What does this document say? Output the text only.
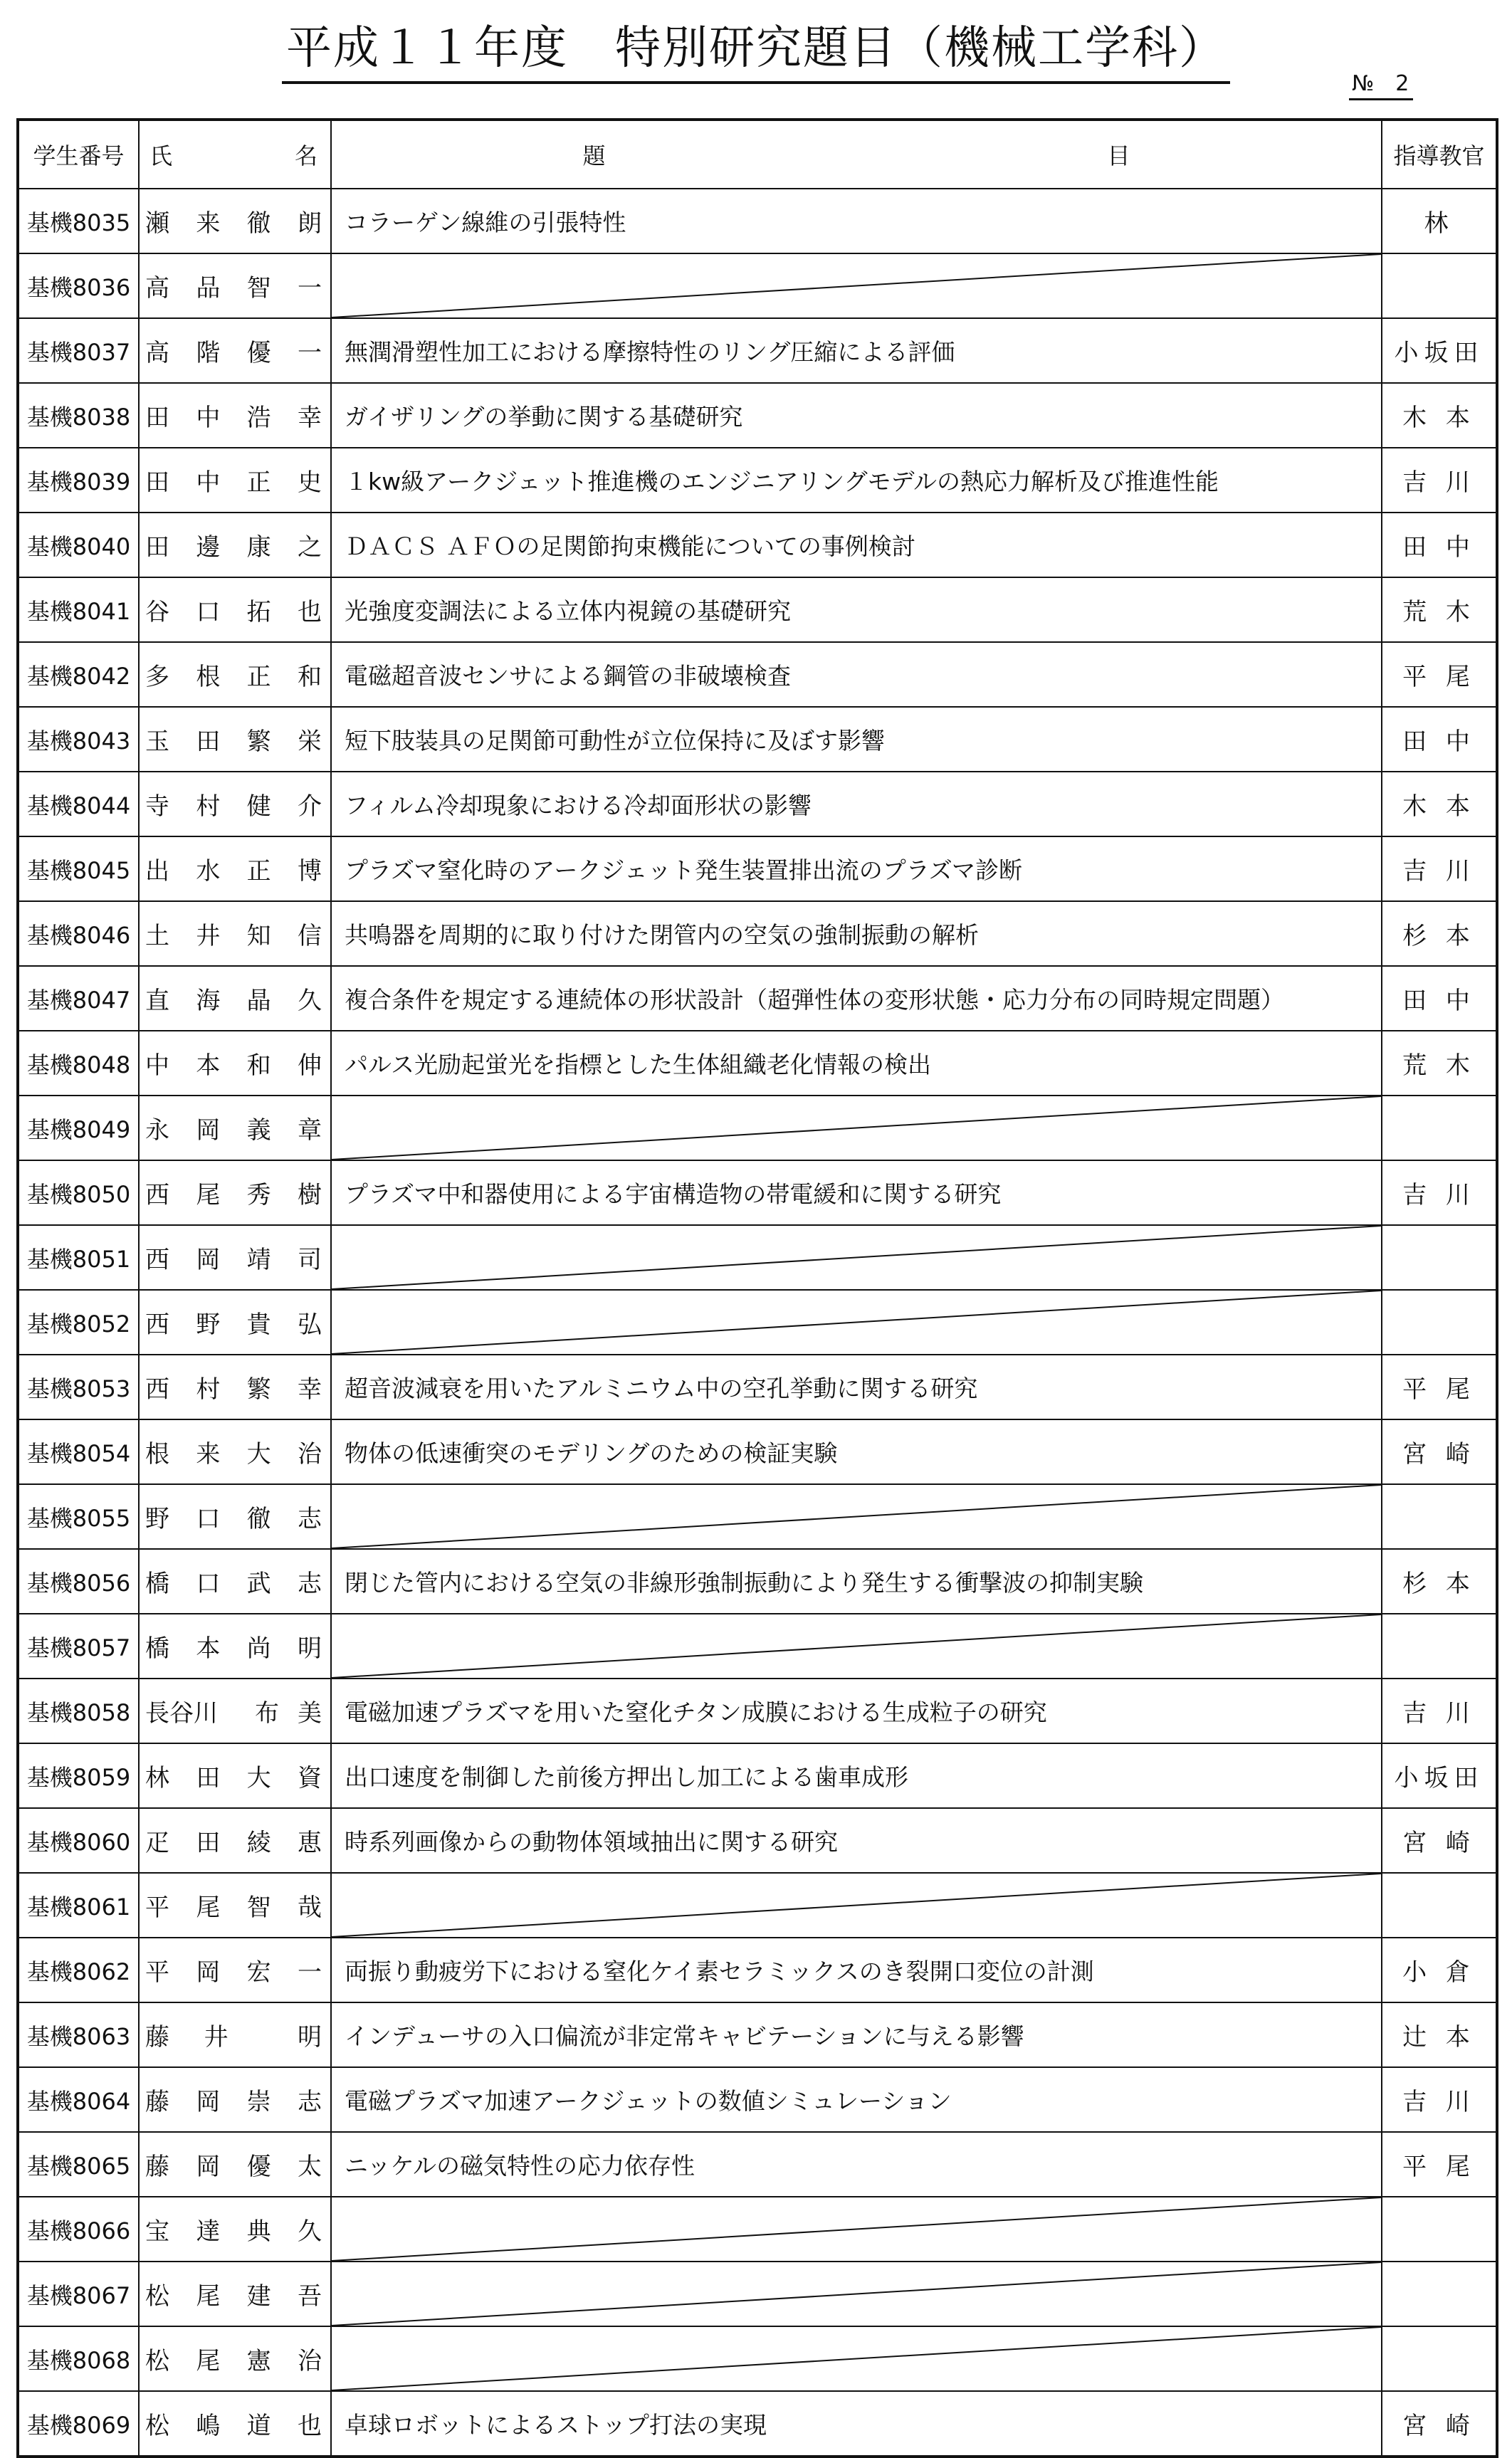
平成１１年度　特別研究題目（機械工学科）
№　2
学生番号	氏 名	題 目	指導教官
基機8035	瀬 来 徹 朗	コラーゲン線維の引張特性	林
基機8036	高 品 智 一

基機8037	高 階 優 一	無潤滑塑性加工における摩擦特性のリング圧縮による評価	小坂田
基機8038	田 中 浩 幸	ガイザリングの挙動に関する基礎研究	木 本
基機8039	田 中 正 史	１kw級アークジェット推進機のエンジニアリングモデルの熱応力解析及び推進性能	吉 川
基機8040	田 邊 康 之	ＤＡＣＳ ＡＦＯの足関節拘束機能についての事例検討	田 中
基機8041	谷 口 拓 也	光強度変調法による立体内視鏡の基礎研究	荒 木
基機8042	多 根 正 和	電磁超音波センサによる鋼管の非破壊検査	平 尾
基機8043	玉 田 繁 栄	短下肢装具の足関節可動性が立位保持に及ぼす影響	田 中
基機8044	寺 村 健 介	フィルム冷却現象における冷却面形状の影響	木 本
基機8045	出 水 正 博	プラズマ窒化時のアークジェット発生装置排出流のプラズマ診断	吉 川
基機8046	土 井 知 信	共鳴器を周期的に取り付けた閉管内の空気の強制振動の解析	杉 本
基機8047	直 海 晶 久	複合条件を規定する連続体の形状設計（超弾性体の変形状態・応力分布の同時規定問題）	田 中
基機8048	中 本 和 伸	パルス光励起蛍光を指標とした生体組織老化情報の検出	荒 木
基機8049	永 岡 義 章

基機8050	西 尾 秀 樹	プラズマ中和器使用による宇宙構造物の帯電緩和に関する研究	吉 川
基機8051	西 岡 靖 司

基機8052	西 野 貴 弘

基機8053	西 村 繁 幸	超音波減衰を用いたアルミニウム中の空孔挙動に関する研究	平 尾
基機8054	根 来 大 治	物体の低速衝突のモデリングのための検証実験	宮 崎
基機8055	野 口 徹 志

基機8056	橋 口 武 志	閉じた管内における空気の非線形強制振動により発生する衝撃波の抑制実験	杉 本
基機8057	橋 本 尚 明

基機8058	長谷川 布 美	電磁加速プラズマを用いた窒化チタン成膜における生成粒子の研究	吉 川
基機8059	林 田 大 資	出口速度を制御した前後方押出し加工による歯車成形	小坂田
基機8060	疋 田 綾 恵	時系列画像からの動物体領域抽出に関する研究	宮 崎
基機8061	平 尾 智 哉

基機8062	平 岡 宏 一	両振り動疲労下における窒化ケイ素セラミックスのき裂開口変位の計測	小 倉
基機8063	藤 井 明	インデューサの入口偏流が非定常キャビテーションに与える影響	辻 本
基機8064	藤 岡 崇 志	電磁プラズマ加速アークジェットの数値シミュレーション	吉 川
基機8065	藤 岡 優 太	ニッケルの磁気特性の応力依存性	平 尾
基機8066	宝 達 典 久

基機8067	松 尾 建 吾

基機8068	松 尾 憲 治

基機8069	松 嶋 道 也	卓球ロボットによるストップ打法の実現	宮 崎
